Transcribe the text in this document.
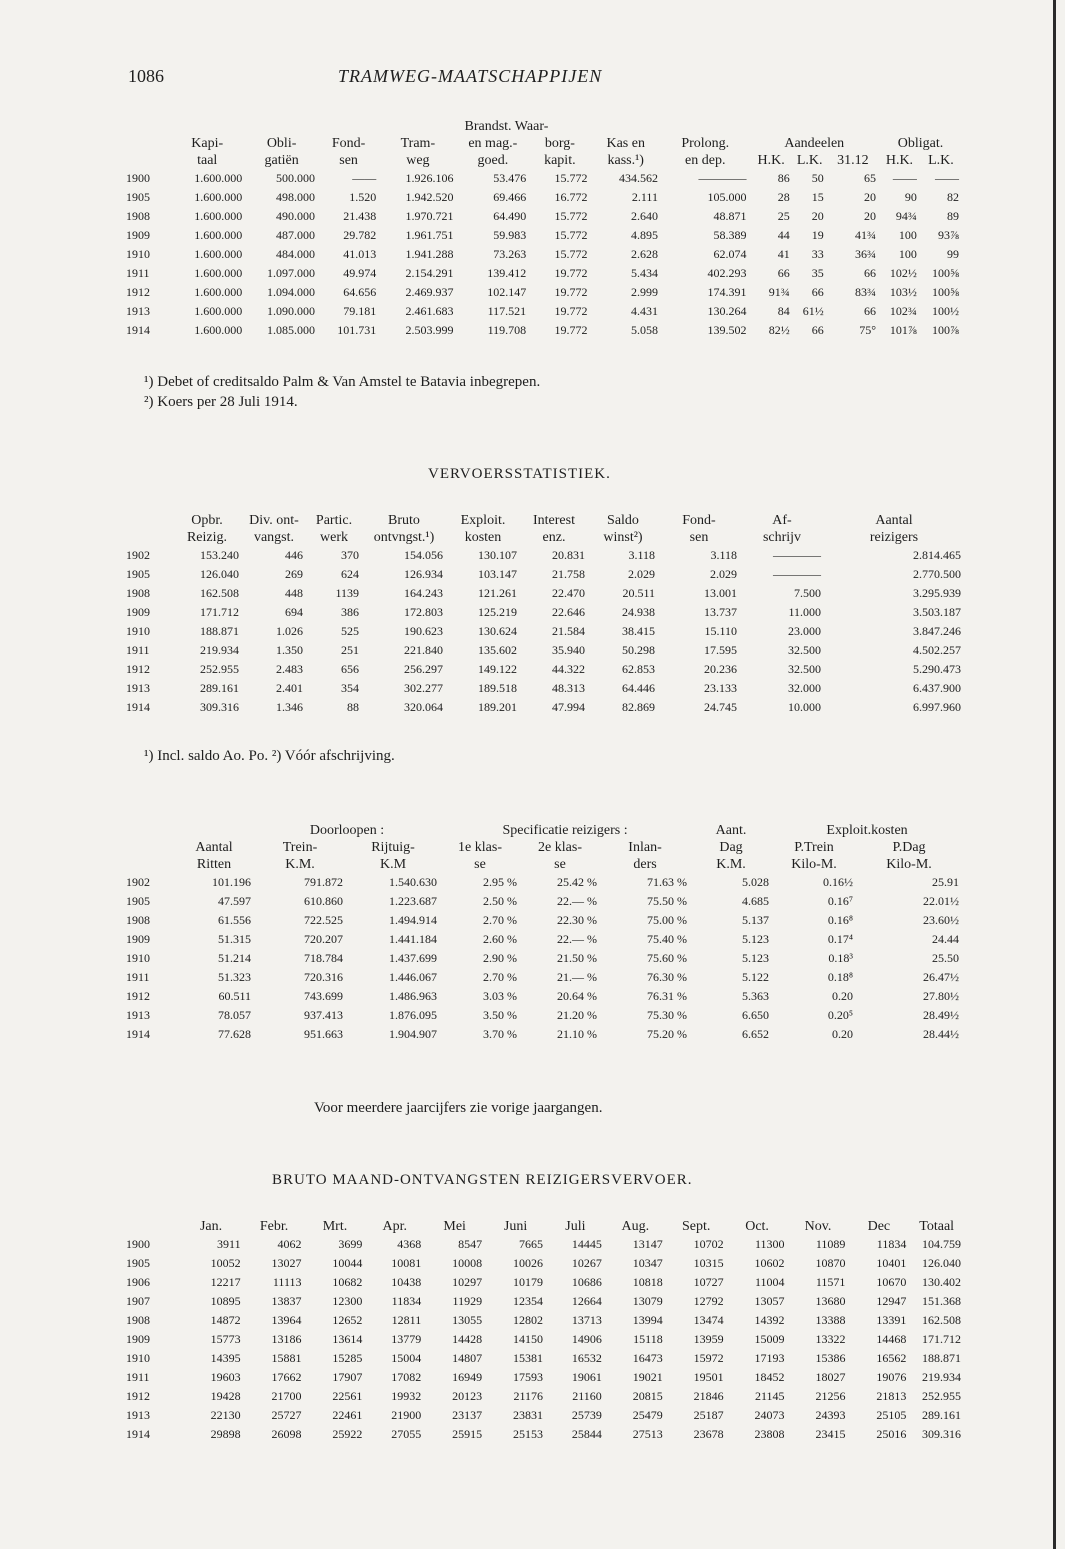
1086	TRAMWEG-MAATSCHAPPIJEN
					Brandst. Waar-								
	Kapi-	Obli-	Fond-	Tram-	en mag.-	borg-	Kas en	Prolong.	Aandeelen			Obligat.	
	taal	gatiën	sen	weg	goed.	kapit.	kass.¹)	en dep.	H.K.	L.K.	31.12	H.K.	L.K.
1900	1.600.000	500.000	——	1.926.106	53.476	15.772	434.562	————	86	50	65	——	——
1905	1.600.000	498.000	1.520	1.942.520	69.466	16.772	2.111	105.000	28	15	20	90	82
1908	1.600.000	490.000	21.438	1.970.721	64.490	15.772	2.640	48.871	25	20	20	94¾	89
1909	1.600.000	487.000	29.782	1.961.751	59.983	15.772	4.895	58.389	44	19	41¾	100	93⅞
1910	1.600.000	484.000	41.013	1.941.288	73.263	15.772	2.628	62.074	41	33	36¾	100	99
1911	1.600.000	1.097.000	49.974	2.154.291	139.412	19.772	5.434	402.293	66	35	66	102½	100⅝
1912	1.600.000	1.094.000	64.656	2.469.937	102.147	19.772	2.999	174.391	91¾	66	83¾	103½	100⅝
1913	1.600.000	1.090.000	79.181	2.461.683	117.521	19.772	4.431	130.264	84	61½	66	102¾	100½
1914	1.600.000	1.085.000	101.731	2.503.999	119.708	19.772	5.058	139.502	82½	66	75°	101⅞	100⅞
¹) Debet of creditsaldo Palm & Van Amstel te Batavia inbegrepen.
²) Koers per 28 Juli 1914.
VERVOERSSTATISTIEK.
	Opbr.	Div. ont-	Partic.	Bruto	Exploit.	Interest	Saldo	Fond-	Af-	Aantal
	Reizig.	vangst.	werk	ontvngst.¹)	kosten	enz.	winst²)	sen	schrijv	reizigers
1902	153.240	446	370	154.056	130.107	20.831	3.118	3.118	————	2.814.465
1905	126.040	269	624	126.934	103.147	21.758	2.029	2.029	————	2.770.500
1908	162.508	448	1139	164.243	121.261	22.470	20.511	13.001	7.500	3.295.939
1909	171.712	694	386	172.803	125.219	22.646	24.938	13.737	11.000	3.503.187
1910	188.871	1.026	525	190.623	130.624	21.584	38.415	15.110	23.000	3.847.246
1911	219.934	1.350	251	221.840	135.602	35.940	50.298	17.595	32.500	4.502.257
1912	252.955	2.483	656	256.297	149.122	44.322	62.853	20.236	32.500	5.290.473
1913	289.161	2.401	354	302.277	189.518	48.313	64.446	23.133	32.000	6.437.900
1914	309.316	1.346	88	320.064	189.201	47.994	82.869	24.745	10.000	6.997.960
¹) Incl. saldo Ao. Po. ²) Vóór afschrijving.
		Doorloopen :		Specificatie reizigers :			Aant.	Exploit.kosten	
	Aantal	Trein-	Rijtuig-	1e klas-	2e klas-	Inlan-	Dag	P.Trein	P.Dag
	Ritten	K.M.	K.M	se	se	ders	K.M.	Kilo-M.	Kilo-M.
1902	101.196	791.872	1.540.630	2.95 %	25.42 %	71.63 %	5.028	0.16½	25.91
1905	47.597	610.860	1.223.687	2.50 %	22.— %	75.50 %	4.685	0.16⁷	22.01½
1908	61.556	722.525	1.494.914	2.70 %	22.30 %	75.00 %	5.137	0.16⁸	23.60½
1909	51.315	720.207	1.441.184	2.60 %	22.— %	75.40 %	5.123	0.17⁴	24.44
1910	51.214	718.784	1.437.699	2.90 %	21.50 %	75.60 %	5.123	0.18³	25.50
1911	51.323	720.316	1.446.067	2.70 %	21.— %	76.30 %	5.122	0.18⁸	26.47½
1912	60.511	743.699	1.486.963	3.03 %	20.64 %	76.31 %	5.363	0.20	27.80½
1913	78.057	937.413	1.876.095	3.50 %	21.20 %	75.30 %	6.650	0.20⁵	28.49½
1914	77.628	951.663	1.904.907	3.70 %	21.10 %	75.20 %	6.652	0.20	28.44½
Voor meerdere jaarcijfers zie vorige jaargangen.
BRUTO MAAND-ONTVANGSTEN REIZIGERSVERVOER.
	Jan.	Febr.	Mrt.	Apr.	Mei	Juni	Juli	Aug.	Sept.	Oct.	Nov.	Dec	Totaal
1900	3911	4062	3699	4368	8547	7665	14445	13147	10702	11300	11089	11834	104.759
1905	10052	13027	10044	10081	10008	10026	10267	10347	10315	10602	10870	10401	126.040
1906	12217	11113	10682	10438	10297	10179	10686	10818	10727	11004	11571	10670	130.402
1907	10895	13837	12300	11834	11929	12354	12664	13079	12792	13057	13680	12947	151.368
1908	14872	13964	12652	12811	13055	12802	13713	13994	13474	14392	13388	13391	162.508
1909	15773	13186	13614	13779	14428	14150	14906	15118	13959	15009	13322	14468	171.712
1910	14395	15881	15285	15004	14807	15381	16532	16473	15972	17193	15386	16562	188.871
1911	19603	17662	17907	17082	16949	17593	19061	19021	19501	18452	18027	19076	219.934
1912	19428	21700	22561	19932	20123	21176	21160	20815	21846	21145	21256	21813	252.955
1913	22130	25727	22461	21900	23137	23831	25739	25479	25187	24073	24393	25105	289.161
1914	29898	26098	25922	27055	25915	25153	25844	27513	23678	23808	23415	25016	309.316
